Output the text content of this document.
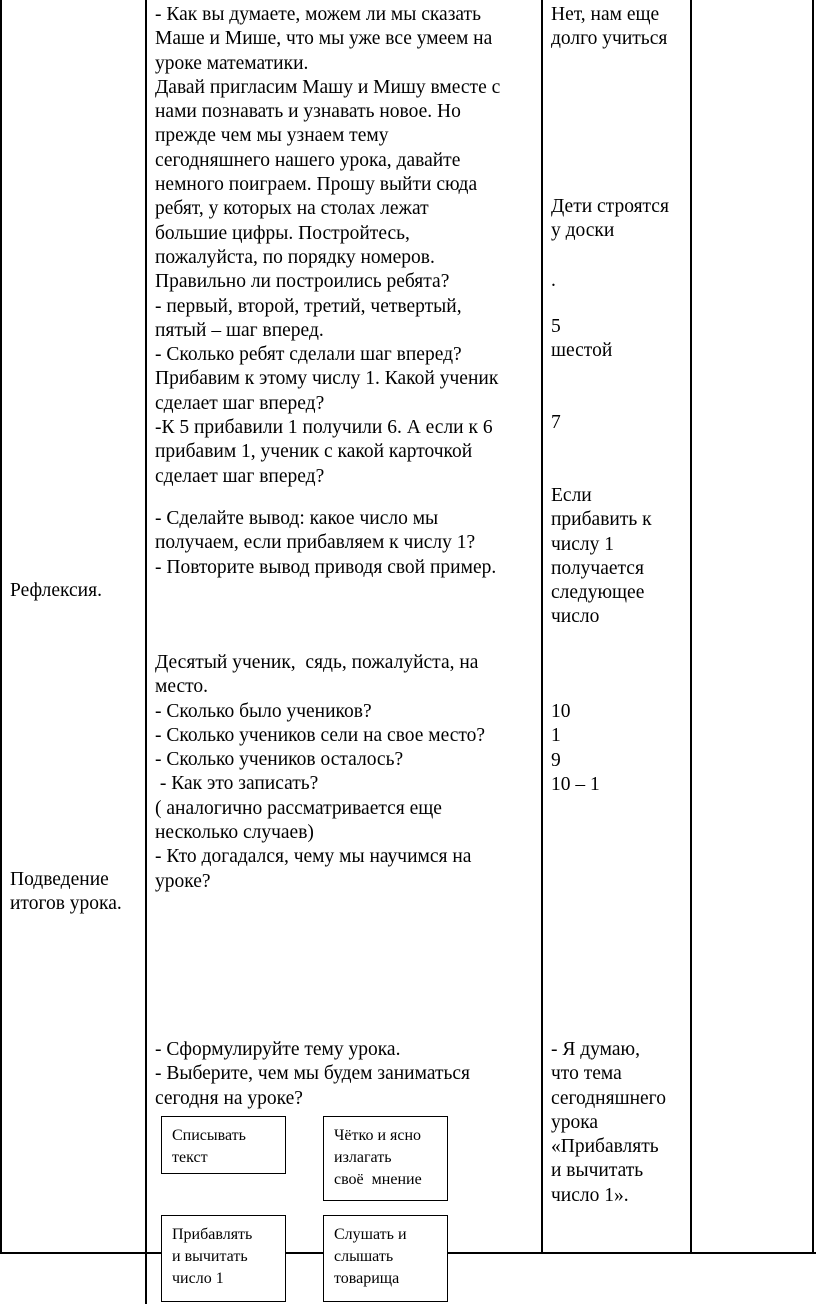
Рефлексия.

Подведение
итогов урока.

- Как вы думаете, можем ли мы сказать
Маше и Мише, что мы уже все умеем на
уроке математики.
Давай пригласим Машу и Мишу вместе с
нами познавать и узнавать новое. Но
прежде чем мы узнаем тему
сегодняшнего нашего урока, давайте
немного поиграем. Прошу выйти сюда
ребят, у которых на столах лежат
большие цифры. Постройтесь,
пожалуйста, по порядку номеров.
Правильно ли построились ребята?
- первый, второй, третий, четвертый,
пятый – шаг вперед.
- Сколько ребят сделали шаг вперед?
Прибавим к этому числу 1. Какой ученик
сделает шаг вперед?
-К 5 прибавили 1 получили 6. А если к 6
прибавим 1, ученик с какой карточкой
сделает шаг вперед?

- Сделайте вывод: какое число мы
получаем, если прибавляем к числу 1?
- Повторите вывод приводя свой пример.

Десятый ученик,  сядь, пожалуйста, на
место.
- Сколько было учеников?
- Сколько учеников сели на свое место?
- Сколько учеников осталось?
- Как это записать?
( аналогично рассматривается еще
несколько случаев)
- Кто догадался, чему мы научимся на
уроке?

- Сформулируйте тему урока.
- Выберите, чем мы будем заниматься
сегодня на уроке?

Списывать
текст
Чётко и ясно
излагать
своё  мнение
Прибавлять
и вычитать
число 1
Слушать и
слышать
товарища

Нет, нам еще
долго учиться

Дети строятся
у доски

.

5
шестой

7

Если
прибавить к
числу 1
получается
следующее
число

10
1
9
10 – 1

- Я думаю,
что тема
сегодняшнего
урока
«Прибавлять
и вычитать
число 1».
